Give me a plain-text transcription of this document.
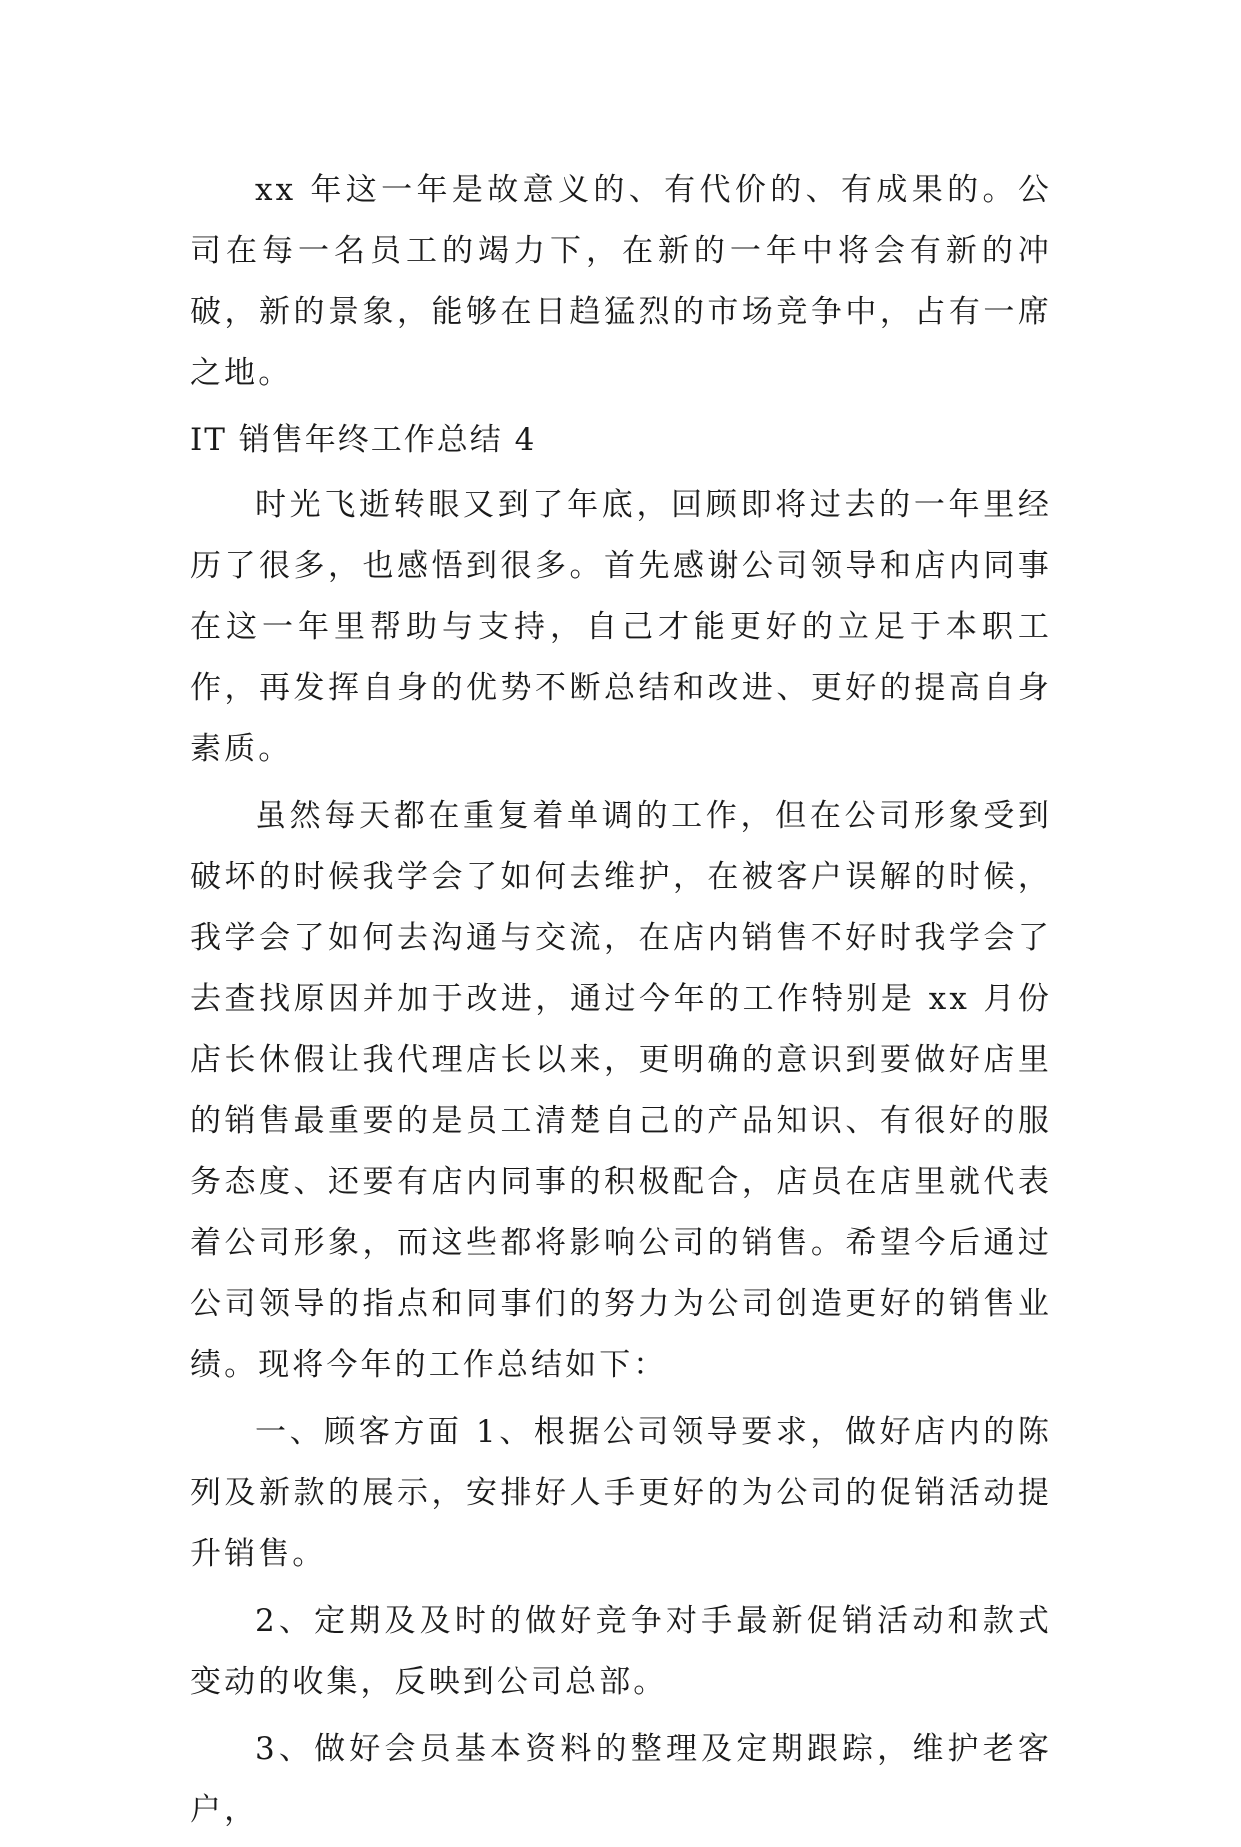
xx 年这一年是故意义的、有代价的、有成果的。公司在每一名员工的竭力下，在新的一年中将会有新的冲破，新的景象，能够在日趋猛烈的市场竞争中，占有一席之地。

IT 销售年终工作总结 4

时光飞逝转眼又到了年底，回顾即将过去的一年里经历了很多，也感悟到很多。首先感谢公司领导和店内同事在这一年里帮助与支持，自己才能更好的立足于本职工作，再发挥自身的优势不断总结和改进、更好的提高自身素质。

虽然每天都在重复着单调的工作，但在公司形象受到破坏的时候我学会了如何去维护，在被客户误解的时候，我学会了如何去沟通与交流，在店内销售不好时我学会了去查找原因并加于改进，通过今年的工作特别是 xx 月份店长休假让我代理店长以来，更明确的意识到要做好店里的销售最重要的是员工清楚自己的产品知识、有很好的服务态度、还要有店内同事的积极配合，店员在店里就代表着公司形象，而这些都将影响公司的销售。希望今后通过公司领导的指点和同事们的努力为公司创造更好的销售业绩。现将今年的工作总结如下：

一、顾客方面 1、根据公司领导要求，做好店内的陈列及新款的展示，安排好人手更好的为公司的促销活动提升销售。

2、定期及及时的做好竞争对手最新促销活动和款式变动的收集，反映到公司总部。

3、做好会员基本资料的整理及定期跟踪，维护老客户，
